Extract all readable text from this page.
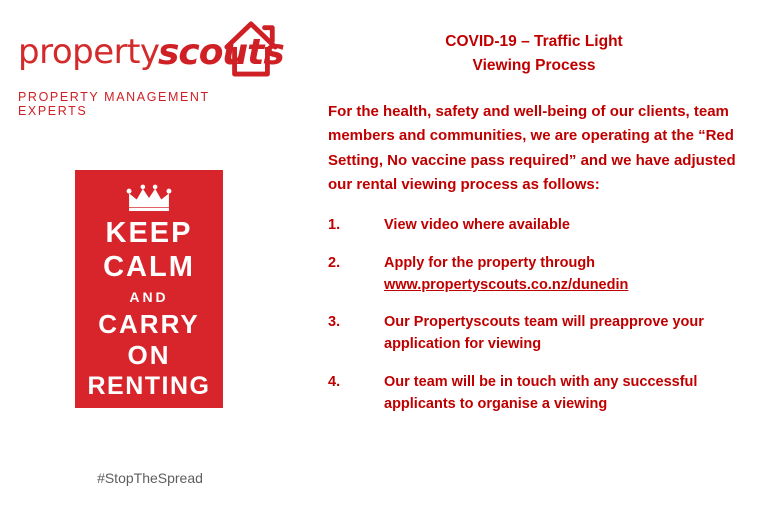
property
scouts
PROPERTY MANAGEMENT EXPERTS
KEEP
CALM
AND
CARRY
ON
RENTING
#StopTheSpread
COVID-19 – Traffic Light
Viewing Process
For the health, safety and well-being of our clients, team members and communities, we are operating at the “Red Setting, No vaccine pass required” and we have adjusted our rental viewing process as follows:
1.	View video where available
2.	Apply for the property through
www.propertyscouts.co.nz/dunedin
3.	Our Propertyscouts team will preapprove your application for viewing
4.	Our team will be in touch with any successful applicants to organise a viewing
